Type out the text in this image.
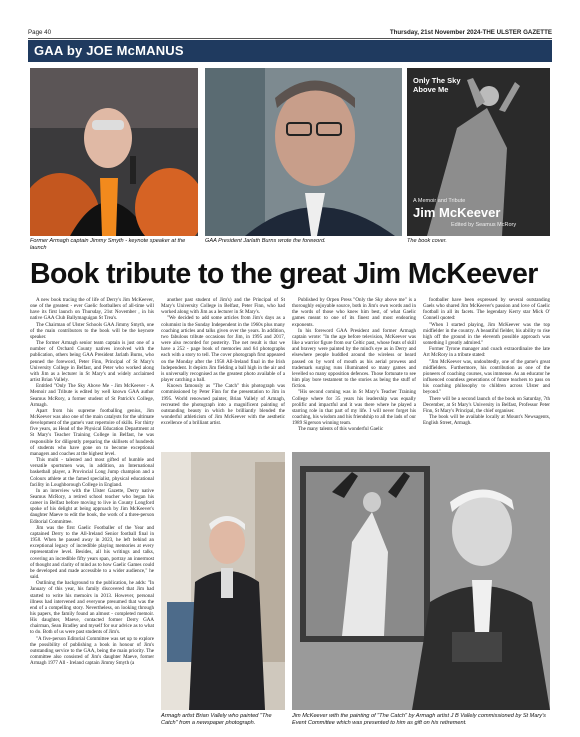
Page 40	Thursday, 21st November 2024-THE ULSTER GAZETTE
GAA by JOE McMANUS
Only The Sky
Above Me
A Memoir and Tribute
Jim McKeever
Edited by Seamus McRory
Former Armagh captain Jimmy Smyth - keynote speaker at the launch
GAA President Jarlath Burns wrote the foreword.	The book cover.
Book tribute to the great Jim McKeever

A new book tracing the of life of Derry's Jim McKeever, one of the greatest - ever Gaelic footballers of all-time will have its first launch on Thursday, 21st November , in his native GAA Club Ballymaguigan St Trea's.

The Chairman of Ulster Schools GAA Jimmy Smyth, one of the main contributors to the book will be the keynote speaker.

The former Armagh senior team captain is just one of a number of Orchard County natives involved with the publication, others being GAA President Jarlath Burns, who penned the foreword, Peter Finn, Principal of St Mary's University College in Belfast, and Peter who worked along with Jim as a lecturer in St Mary's and widely acclaimed artist Brian Vallely.

Entitled "Only The Sky Above Me - Jim McKeever - A Memoir and Tribute is edited by well known GAA author Seamus McRory, a former student of St Patrick's College, Armagh.

Apart from his supreme footballing genius, Jim McKeever was also one of the main catalysts for the ultimate development of the game's vast repertoire of skills. For thirty five years, as Head of the Physical Education Department at St Mary's Teacher Training College in Belfast, he was responsible for diligently preparing the skillsets of hundreds of students who have gone on to become exceptional managers and coaches at the highest level.

This multi - talented and most gifted of humble and versatile sportsmen was, in addition, an International basketball player, a Provincial Long Jump champion and a Colours athlete at the famed specialist, physical educational facility in Loughborough College in England.

In an interview with the Ulster Gazette, Derry native Seamus McRory, a retired school teacher who began his career in Belfast before moving to live in County Longford spoke of his delight at being approach by Jim McKeever's daughter Maeve to edit the book, the work of a three-person Editorial Committee.

Jim was the first Gaelic Footballer of the Year and captained Derry to the All-Ireland Senior football final in 1958. When he passed away in 2023, he left behind an exceptional legacy of incredible playing memories at every representative level. Besides, all his writings and talks, covering an incredible fifty years span, portray an innermost of thought and clarity of mind as to how Gaelic Games could be developed and made accessible to a wider audience," he said.

Outlining the background to the publication, he adds: "In January of this year, his family discovered that Jim had started to write his memoirs in 2013. However, personal illness had intervened and everyone presumed that was the end of a compelling story. Nevertheless, on looking through his papers, the family found an almost - completed memoir. His daughter, Maeve, contacted former Derry GAA chairman, Sean Bradley and myself for our advice as to what to do. Both of us were past students of Jim's.

"A five-person Editorial Committee was set up to explore the possibility of publishing a book in honour of Jim's outstanding service to the GAA, being the main priority. The committee also consisted of Jim's daughter Maeve, former Armagh 1977 All - Ireland captain Jimmy Smyth (a

another past student of Jim's) and the Principal of St Mary's University College in Belfast, Peter Finn, who had worked along with Jim as a lecturer in St Mary's.

"We decided to add some articles from Jim's days as a columnist in the Sunday Independent in the 1960s plus many coaching articles and talks given over the years. In addition, two fabulous tribute occasions for Jim, in 1995 and 2017, were also recorded for posterity. The net result is that we have a 252 - page book of memories and 64 photographs each with a story to tell. The cover photograph first appeared on the Monday after the 1958 All-Ireland final in the Irish Independent. It depicts Jim fielding a ball high in the air and is universally recognised as the greatest photo available of a player catching a ball.

Known famously as "The Catch" this photograph was commissioned by Peter Finn for the presentation to Jim in 1995. World renowned painter, Brian Vallely of Armagh, recreated the photograph into a magnificent painting of outstanding beauty in which he brilliantly blended the wonderful athleticism of Jim McKeever with the aesthetic excellence of a brilliant artist.

Published by Orpen Press "Only the Sky above me" is a thoroughly enjoyable source, both in Jim's own words and in the words of those who knew him best, of what Gaelic games meant to one of its finest and most endearing exponents.

In his foreword GAA President and former Armagh captain wrote: "In the age before television, McKeever was like a warrior figure from our Celtic past, whose feats of skill and bravery were painted by the mind's eye as in Derry and elsewhere people huddled around the wireless or heard passed on by word of mouth as his aerial prowess and trademark surging runs illuminated so many games and levelled so many opposition defences. Those fortunate to see him play bore testament to the stories as being the stuff of fiction.

"His second coming was in St Mary's Teacher Training College where for 35 years his leadership was equally prolific and impactful and it was there where he played a starring role in that part of my life. I will never forget his coaching, his wisdom and his friendship to all the lads of our 1989 Sigerson winning team.

The many talents of this wonderful Gaelic

footballer have been expressed by several outstanding Gaels who shared Jim McKeever's passion and love of Gaelic football in all its facets. The legendary Kerry star Mick O' Connell quoted:

"When I started playing, Jim McKeever was the top midfielder in the country. A beautiful fielder, his ability to rise high off the ground in the eleventh possible approach was something I greatly admired."

Former Tyrone manager and coach extraordinaire the late Art McRory in a tribute stated:

"Jim McKeever was, undoubtedly, one of the game's great midfielders. Furthermore, his contribution as one of the pioneers of coaching courses, was immense. As an educator he influenced countless generations of future teachers to pass on his coaching philosophy to children across Ulster and beyond."

There will be a second launch of the book on Saturday, 7th December, at St Mary's University in Belfast, Professor Peter Finn, St Mary's Principal, the chief organiser.

The book will be available locally at Mount's Newsagents, English Street, Armagh.

Armagh artist Brian Vallely who painted "The Catch" from a newspaper photograph.
Jim McKeever with the painting of "The Catch" by Armagh artist J B Vallely commissioned by St Mary's Event Committee which was presented to him as gift on his retirement.
